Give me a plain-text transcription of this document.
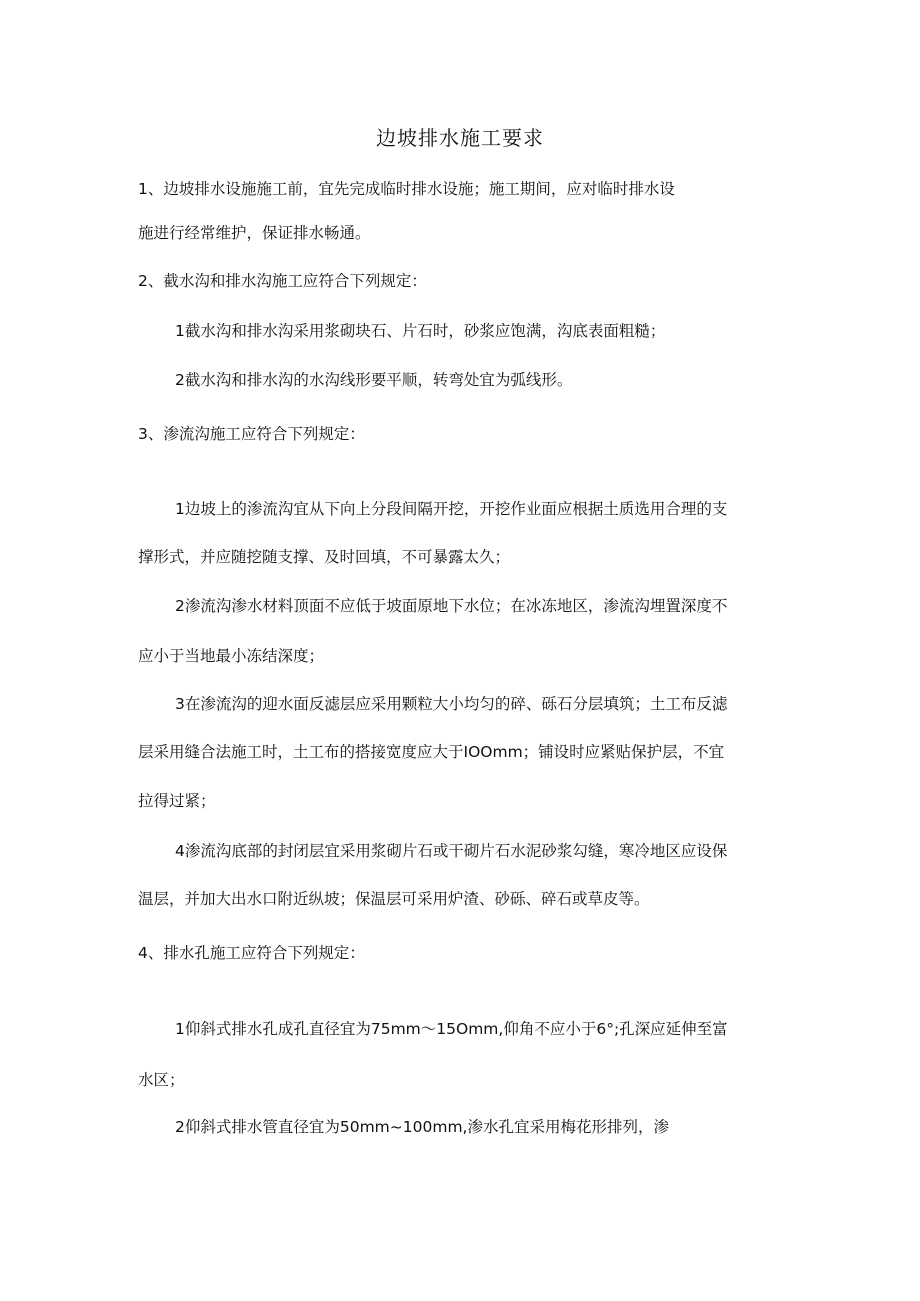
边坡排水施工要求
1、边坡排水设施施工前，宜先完成临时排水设施；施工期间，应对临时排水设
施进行经常维护，保证排水畅通。
2、截水沟和排水沟施工应符合下列规定：
1截水沟和排水沟采用浆砌块石、片石时，砂浆应饱满，沟底表面粗糙；
2截水沟和排水沟的水沟线形要平顺，转弯处宜为弧线形。
3、渗流沟施工应符合下列规定：
1边坡上的渗流沟宜从下向上分段间隔开挖，开挖作业面应根据土质选用合理的支
撑形式，并应随挖随支撑、及时回填，不可暴露太久；
2渗流沟渗水材料顶面不应低于坡面原地下水位；在冰冻地区，渗流沟埋置深度不
应小于当地最小冻结深度；
3在渗流沟的迎水面反滤层应采用颗粒大小均匀的碎、砾石分层填筑；土工布反滤
层采用缝合法施工时，土工布的搭接宽度应大于IOOmm；铺设时应紧贴保护层，不宜
拉得过紧；
4渗流沟底部的封闭层宜采用浆砌片石或干砌片石水泥砂浆勾缝，寒冷地区应设保
温层，并加大出水口附近纵坡；保温层可采用炉渣、砂砾、碎石或草皮等。
4、排水孔施工应符合下列规定：
1仰斜式排水孔成孔直径宜为75mm～15Omm,仰角不应小于6°;孔深应延伸至富
水区；
2仰斜式排水管直径宜为50mm~100mm,渗水孔宜采用梅花形排列，渗
